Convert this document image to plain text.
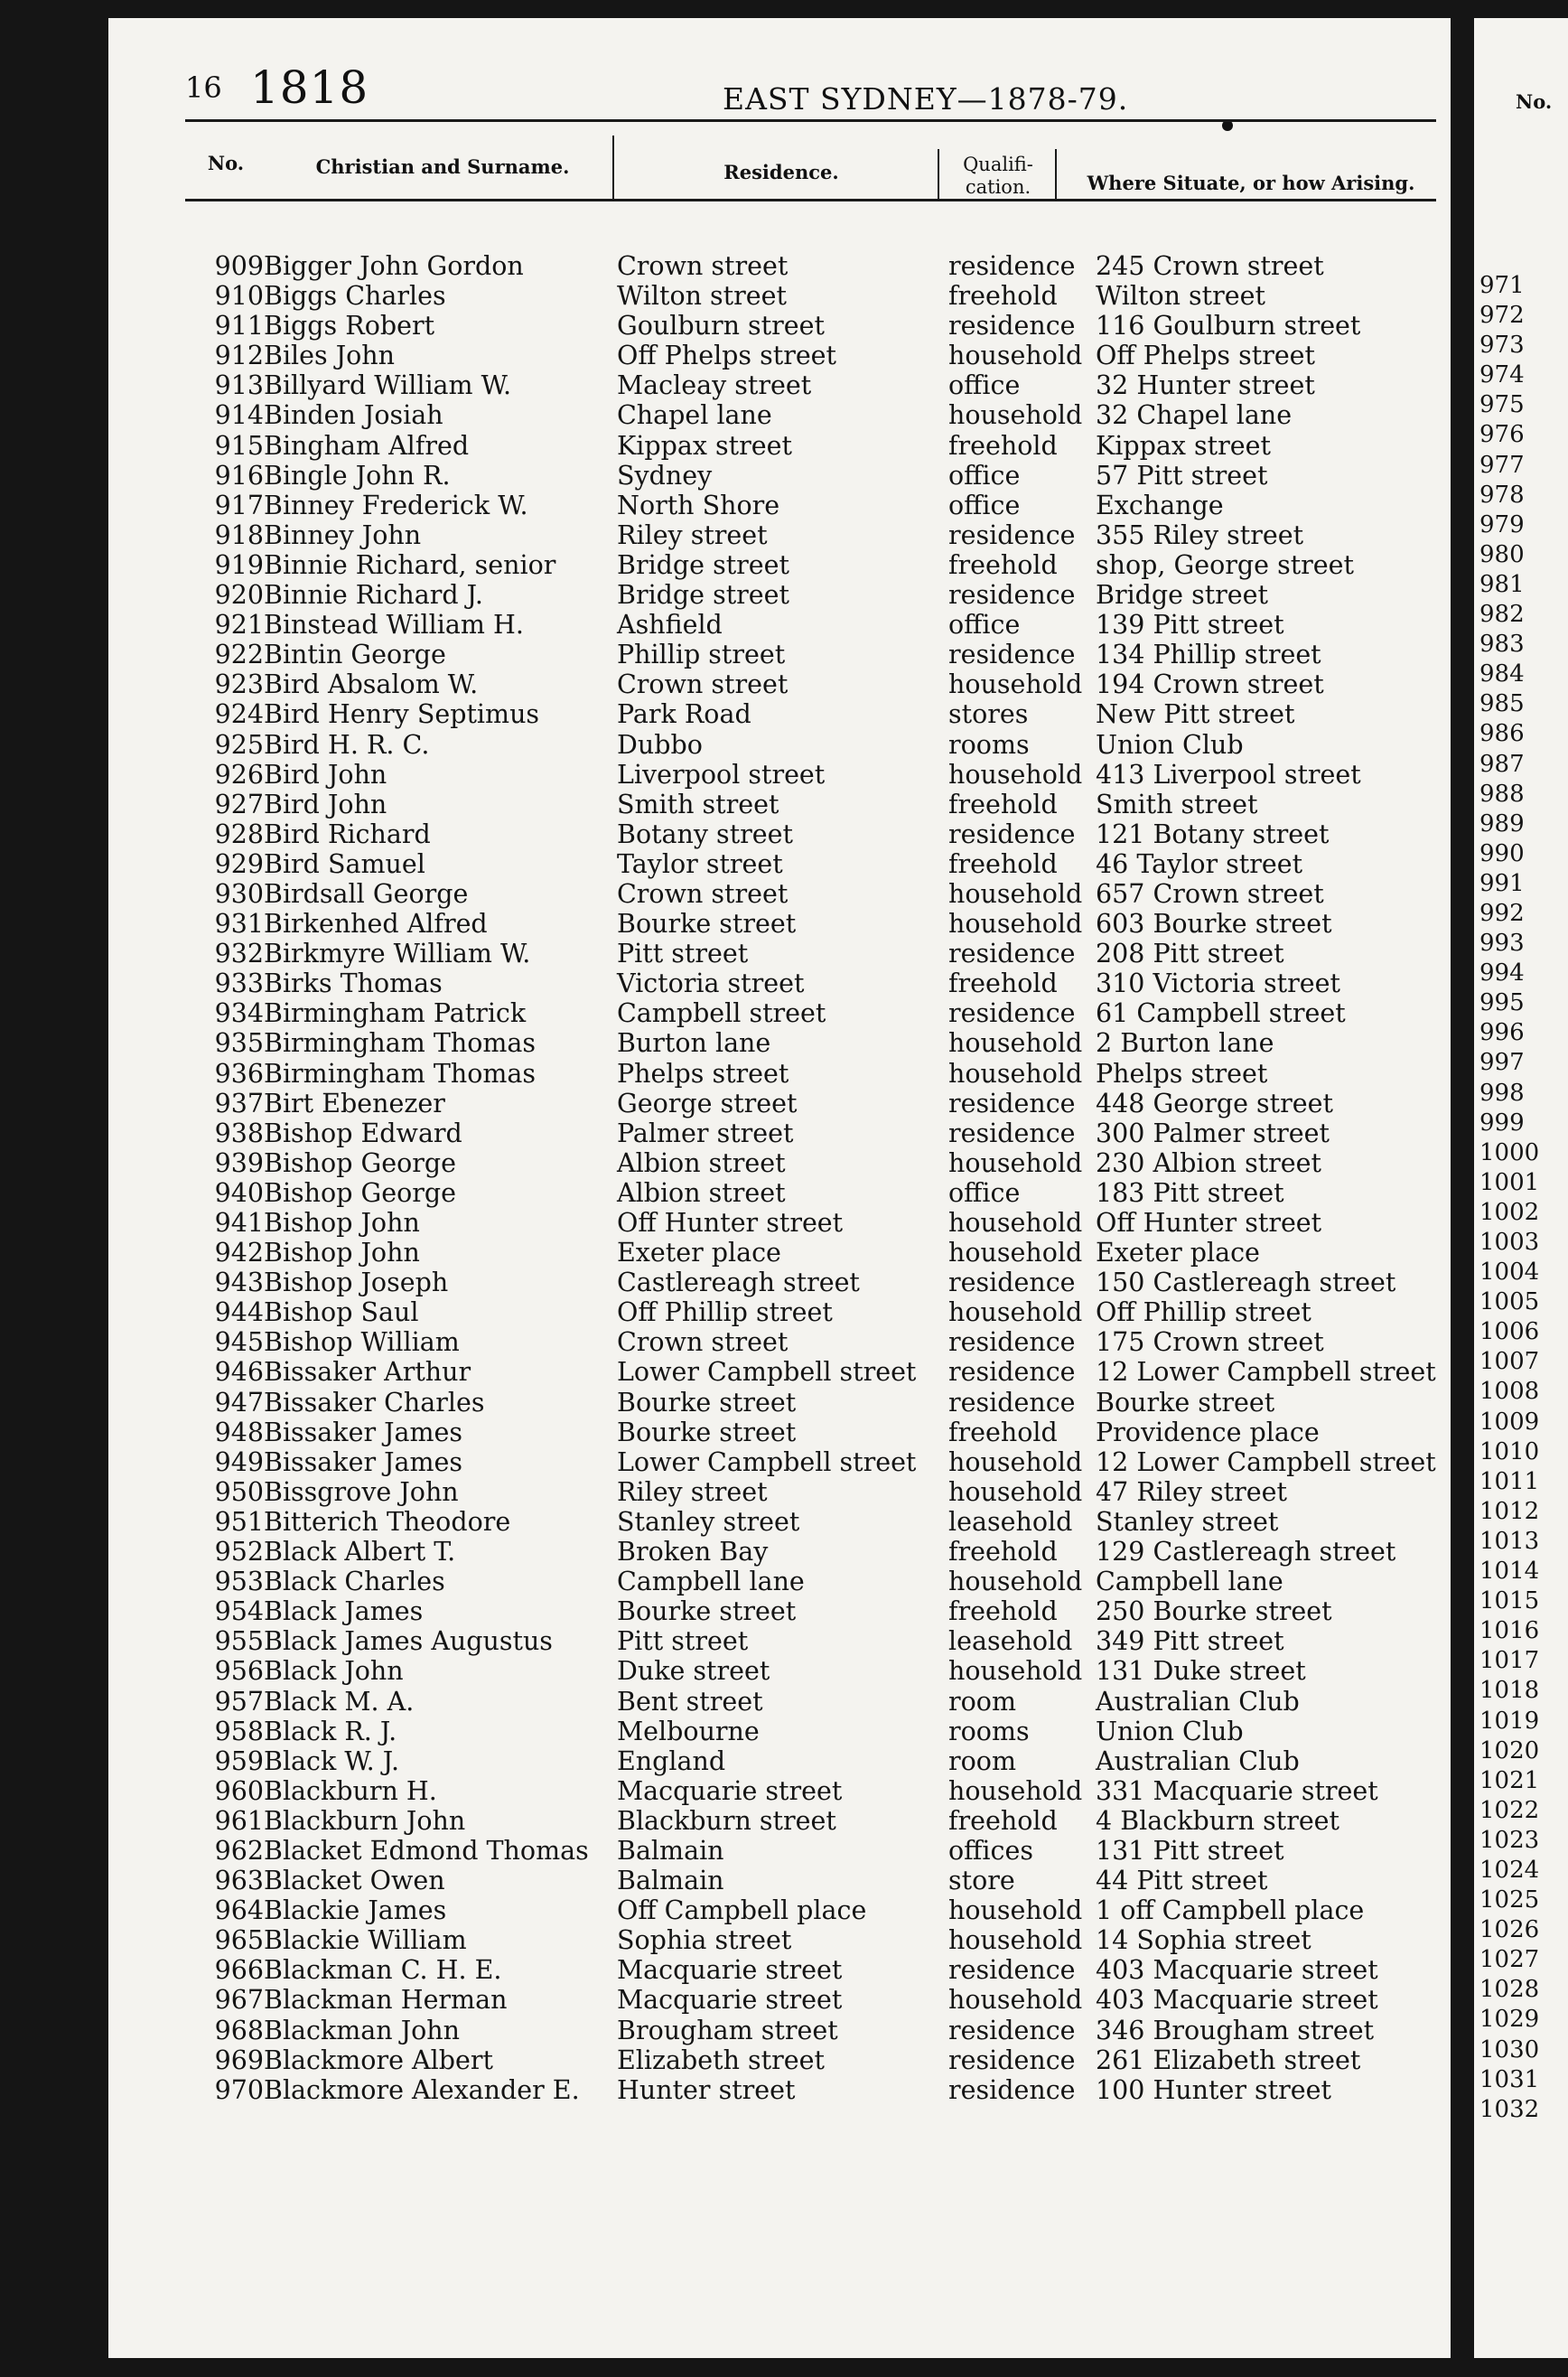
16 1818	EAST SYDNEY—1878-79.
No.	Christian and Surname.	Residence.	Qualifi- cation.	Where Situate, or how Arising.
909 Bigger John Gordon	Crown street	residence 245 Crown street
910 Biggs Charles	Wilton street	freehold Wilton street
911 Biggs Robert	Goulburn street	residence 116 Goulburn street
912 Biles John	Off Phelps street	household Off Phelps street
913 Billyard William W.	Macleay street	office	32 Hunter street
914 Binden Josiah	Chapel lane	household 32 Chapel lane
915 Bingham Alfred	Kippax street	freehold Kippax street
916 Bingle John R.	Sydney	office	57 Pitt street
917 Binney Frederick W.	North Shore	office	Exchange
918 Binney John	Riley street	residence 355 Riley street
919 Binnie Richard, senior Bridge street	freehold shop, George street
920 Binnie Richard J.	Bridge street	residence Bridge street
921 Binstead William H.	Ashfield	office	139 Pitt street
922 Bintin George	Phillip street	residence 134 Phillip street
923 Bird Absalom W.	Crown street	household 194 Crown street
924 Bird Henry Septimus	Park Road	stores	New Pitt street
925 Bird H. R. C.	Dubbo	rooms	Union Club
926 Bird John	Liverpool street	household 413 Liverpool street
927 Bird John	Smith street	freehold Smith street
928 Bird Richard	Botany street	residence 121 Botany street
929 Bird Samuel	Taylor street	freehold 46 Taylor street
930 Birdsall George	Crown street	household 657 Crown street
931 Birkenhed Alfred	Bourke street	household 603 Bourke street
932 Birkmyre William W.	Pitt street	residence 208 Pitt street
933 Birks Thomas	Victoria street	freehold 310 Victoria street
934 Birmingham Patrick	Campbell street	residence 61 Campbell street
935 Birmingham Thomas	Burton lane	household 2 Burton lane
936 Birmingham Thomas	Phelps street	household Phelps street
937 Birt Ebenezer	George street	residence 448 George street
938 Bishop Edward	Palmer street	residence 300 Palmer street
939 Bishop George	Albion street	household 230 Albion street
940 Bishop George	Albion street	office	183 Pitt street
941 Bishop John	Off Hunter street	household Off Hunter street
942 Bishop John	Exeter place	household Exeter place
943 Bishop Joseph	Castlereagh street	residence 150 Castlereagh street
944 Bishop Saul	Off Phillip street	household Off Phillip street
945 Bishop William	Crown street	residence 175 Crown street
946 Bissaker Arthur	Lower Campbell street residence 12 Lower Campbell street
947 Bissaker Charles	Bourke street	residence Bourke street
948 Bissaker James	Bourke street	freehold Providence place
949 Bissaker James	Lower Campbell street household 12 Lower Campbell street
950 Bissgrove John	Riley street	household 47 Riley street
951 Bitterich Theodore	Stanley street	leasehold Stanley street
952 Black Albert T.	Broken Bay	freehold 129 Castlereagh street
953 Black Charles	Campbell lane	household Campbell lane
954 Black James	Bourke street	freehold 250 Bourke street
955 Black James Augustus Pitt street	leasehold 349 Pitt street
956 Black John	Duke street	household 131 Duke street
957 Black M. A.	Bent street	room	Australian Club
958 Black R. J.	Melbourne	rooms	Union Club
959 Black W. J.	England	room	Australian Club
960 Blackburn H.	Macquarie street	household 331 Macquarie street
961 Blackburn John	Blackburn street	freehold 4 Blackburn street
962 Blacket Edmond Thomas Balmain	offices 131 Pitt street
963 Blacket Owen	Balmain	store	44 Pitt street
964 Blackie James	Off Campbell place	household 1 off Campbell place
965 Blackie William	Sophia street	household 14 Sophia street
966 Blackman C. H. E.	Macquarie street	residence 403 Macquarie street
967 Blackman Herman	Macquarie street	household 403 Macquarie street
968 Blackman John	Brougham street	residence 346 Brougham street
969 Blackmore Albert	Elizabeth street	residence 261 Elizabeth street
970 Blackmore Alexander E. Hunter street	residence 100 Hunter street
No.
971
972
973
974
975
976
977
978
979
980
981
982
983
984
985
986
987
988
989
990
991
992
993
994
995
996
997
998
999
1000
1001
1002
1003
1004
1005
1006
1007
1008
1009
1010
1011
1012
1013
1014
1015
1016
1017
1018
1019
1020
1021
1022
1023
1024
1025
1026
1027
1028
1029
1030
1031
1032
